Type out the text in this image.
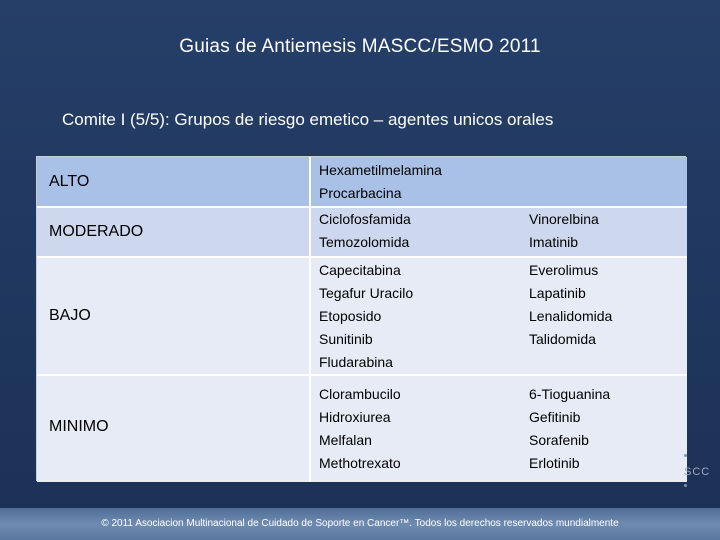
Guias de Antiemesis MASCC/ESMO 2011
Comite I (5/5): Grupos de riesgo emetico – agentes unicos orales
ALTO
Hexametilmelamina
Procarbacina
MODERADO
Ciclofosfamida
Temozolomida
Vinorelbina
Imatinib
BAJO
Capecitabina
Tegafur Uracilo
Etoposido
Sunitinib
Fludarabina
Everolimus
Lapatinib
Lenalidomida
Talidomida
MINIMO
Clorambucilo
Hidroxiurea
Melfalan
Methotrexato
6-Tioguanina
Gefitinib
Sorafenib
Erlotinib
SCC
© 2011 Asociacion Multinacional de Cuidado de Soporte en Cancer™. Todos los derechos reservados mundialmente
